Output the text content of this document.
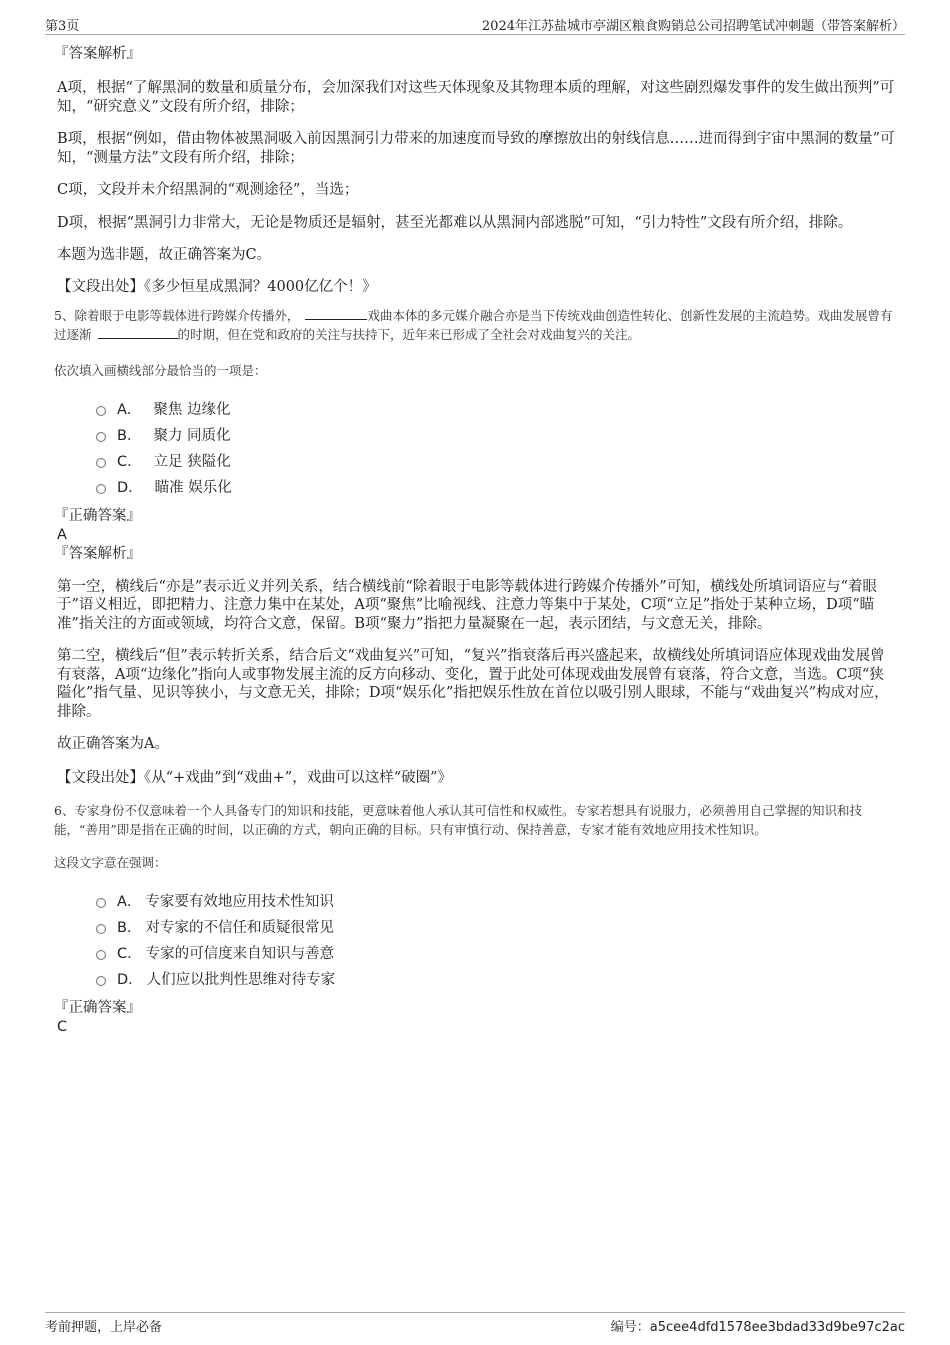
第3页	2024年江苏盐城市亭湖区粮食购销总公司招聘笔试冲刺题（带答案解析）

『答案解析』

A项，根据“了解黑洞的数量和质量分布，会加深我们对这些天体现象及其物理本质的理解，对这些剧烈爆发事件的发生做出预判”可知，“研究意义”文段有所介绍，排除；

B项，根据“例如，借由物体被黑洞吸入前因黑洞引力带来的加速度而导致的摩擦放出的射线信息……进而得到宇宙中黑洞的数量”可知，“测量方法”文段有所介绍，排除；

C项，文段并未介绍黑洞的“观测途径”，当选；

D项，根据“黑洞引力非常大，无论是物质还是辐射，甚至光都难以从黑洞内部逃脱”可知，“引力特性”文段有所介绍，排除。

本题为选非题，故正确答案为C。

【文段出处】《多少恒星成黑洞？4000亿亿个！》

5、除着眼于电影等载体进行跨媒介传播外，	戏曲本体的多元媒介融合亦是当下传统戏曲创造性转化、创新性发展的主流趋势。戏曲发展曾有过逐渐	的时期，但在党和政府的关注与扶持下，近年来已形成了全社会对戏曲复兴的关注。

依次填入画横线部分最恰当的一项是：

A． 聚焦 边缘化
B． 聚力 同质化
C． 立足 狭隘化
D． 瞄准 娱乐化

『正确答案』

A

『答案解析』

第一空，横线后“亦是”表示近义并列关系，结合横线前“除着眼于电影等载体进行跨媒介传播外”可知，横线处所填词语应与“着眼于”语义相近，即把精力、注意力集中在某处，A项“聚焦”比喻视线、注意力等集中于某处，C项“立足”指处于某种立场，D项“瞄准”指关注的方面或领域，均符合文意，保留。B项“聚力”指把力量凝聚在一起，表示团结，与文意无关，排除。

第二空，横线后“但”表示转折关系，结合后文“戏曲复兴”可知，“复兴”指衰落后再兴盛起来，故横线处所填词语应体现戏曲发展曾有衰落，A项“边缘化”指向人或事物发展主流的反方向移动、变化，置于此处可体现戏曲发展曾有衰落，符合文意，当选。C项“狭隘化”指气量、见识等狭小，与文意无关，排除；D项“娱乐化”指把娱乐性放在首位以吸引别人眼球，不能与“戏曲复兴”构成对应，排除。

故正确答案为A。

【文段出处】《从“+戏曲”到“戏曲+”，戏曲可以这样“破圈”》

6、专家身份不仅意味着一个人具备专门的知识和技能，更意味着他人承认其可信性和权威性。专家若想具有说服力，必须善用自己掌握的知识和技能，“善用”即是指在正确的时间，以正确的方式，朝向正确的目标。只有审慎行动、保持善意，专家才能有效地应用技术性知识。

这段文字意在强调：

A． 专家要有效地应用技术性知识
B． 对专家的不信任和质疑很常见
C． 专家的可信度来自知识与善意
D． 人们应以批判性思维对待专家

『正确答案』

C

考前押题，上岸必备	编号：a5cee4dfd1578ee3bdad33d9be97c2ac
